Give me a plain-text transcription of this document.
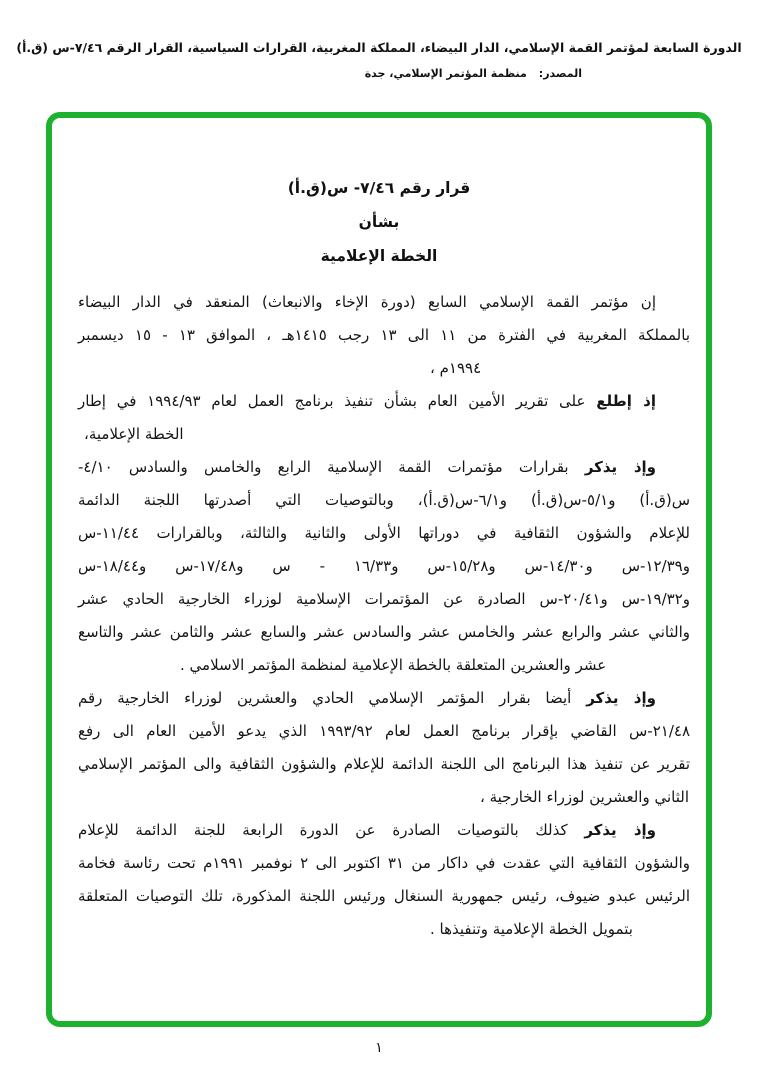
الدورة السابعة لمؤتمر القمة الإسلامي، الدار البيضاء، المملكة المغربية، القرارات السياسية، القرار الرقم ٧/٤٦-س (ق.أ)
المصدر:منظمة المؤتمر الإسلامي، جدة
قرار رقم ٧/٤٦- س(ق.أ)
بشأن
الخطة الإعلامية
إن مؤتمر القمة الإسلامي السابع (دورة الإخاء والانبعاث) المنعقد في الدار البيضاء
بالمملكة المغربية في الفترة من ١١ الى ١٣ رجب ١٤١٥هـ ، الموافق ١٣ - ١٥ ديسمبر
١٩٩٤م ،
إذ إطلع على تقرير الأمين العام بشأن تنفيذ برنامج العمل لعام ١٩٩٤/٩٣ في إطار
الخطة الإعلامية،
وإذ يذكر بقرارات مؤتمرات القمة الإسلامية الرابع والخامس والسادس ٤/١٠-
س(ق.أ) و٥/١-س(ق.أ) و٦/١-س(ق.أ)، وبالتوصيات التي أصدرتها اللجنة الدائمة
للإعلام والشؤون الثقافية في دوراتها الأولى والثانية والثالثة، وبالقرارات ١١/٤٤-س
و١٢/٣٩-س و١٤/٣٠-س و١٥/٢٨-س و١٦/٣٣ - س و١٧/٤٨-س و١٨/٤٤-س
و١٩/٣٢-س و٢٠/٤١-س الصادرة عن المؤتمرات الإسلامية لوزراء الخارجية الحادي عشر
والثاني عشر والرابع عشر والخامس عشر والسادس عشر والسابع عشر والثامن عشر والتاسع
عشر والعشرين المتعلقة بالخطة الإعلامية لمنظمة المؤتمر الاسلامي .
وإذ يذكر أيضا بقرار المؤتمر الإسلامي الحادي والعشرين لوزراء الخارجية رقم
٢١/٤٨-س القاضي بإقرار برنامج العمل لعام ١٩٩٣/٩٢ الذي يدعو الأمين العام الى رفع
تقرير عن تنفيذ هذا البرنامج الى اللجنة الدائمة للإعلام والشؤون الثقافية والى المؤتمر الإسلامي
الثاني والعشرين لوزراء الخارجية ،
وإذ يذكر كذلك بالتوصيات الصادرة عن الدورة الرابعة للجنة الدائمة للإعلام
والشؤون الثقافية التي عقدت في داكار من ٣١ اكتوبر الى ٢ نوفمبر ١٩٩١م تحت رئاسة فخامة
الرئيس عبدو ضيوف، رئيس جمهورية السنغال ورئيس اللجنة المذكورة، تلك التوصيات المتعلقة
بتمويل الخطة الإعلامية وتنفيذها .
١
